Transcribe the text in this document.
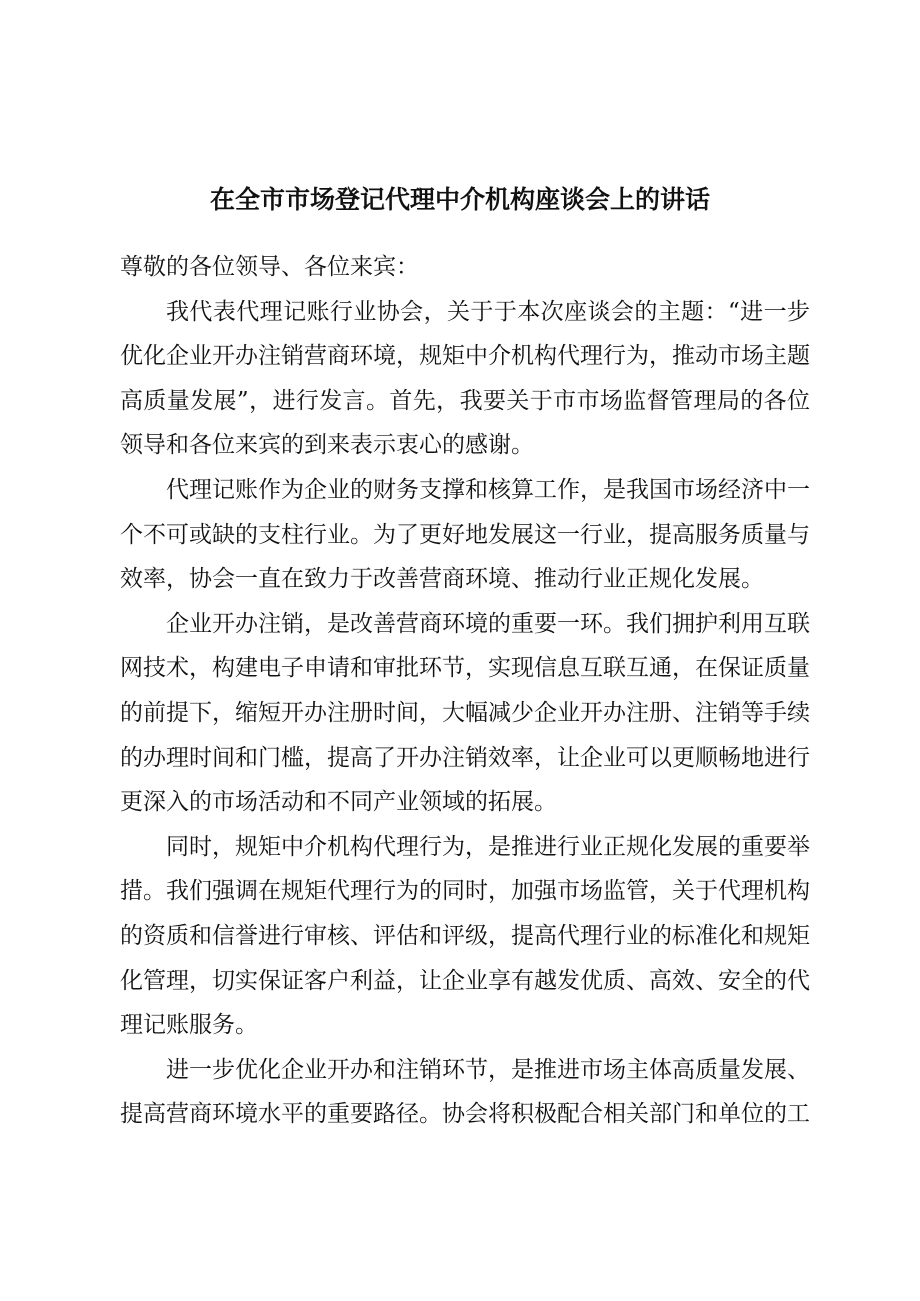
在全市市场登记代理中介机构座谈会上的讲话

尊敬的各位领导、各位来宾：

我代表代理记账行业协会，关于于本次座谈会的主题：“进一步优化企业开办注销营商环境，规矩中介机构代理行为，推动市场主题高质量发展”，进行发言。首先，我要关于市市场监督管理局的各位领导和各位来宾的到来表示衷心的感谢。

代理记账作为企业的财务支撑和核算工作，是我国市场经济中一个不可或缺的支柱行业。为了更好地发展这一行业，提高服务质量与效率，协会一直在致力于改善营商环境、推动行业正规化发展。

企业开办注销，是改善营商环境的重要一环。我们拥护利用互联网技术，构建电子申请和审批环节，实现信息互联互通，在保证质量的前提下，缩短开办注册时间，大幅减少企业开办注册、注销等手续的办理时间和门槛，提高了开办注销效率，让企业可以更顺畅地进行更深入的市场活动和不同产业领域的拓展。

同时，规矩中介机构代理行为，是推进行业正规化发展的重要举措。我们强调在规矩代理行为的同时，加强市场监管，关于代理机构的资质和信誉进行审核、评估和评级，提高代理行业的标准化和规矩化管理，切实保证客户利益，让企业享有越发优质、高效、安全的代理记账服务。

进一步优化企业开办和注销环节，是推进市场主体高质量发展、提高营商环境水平的重要路径。协会将积极配合相关部门和单位的工
